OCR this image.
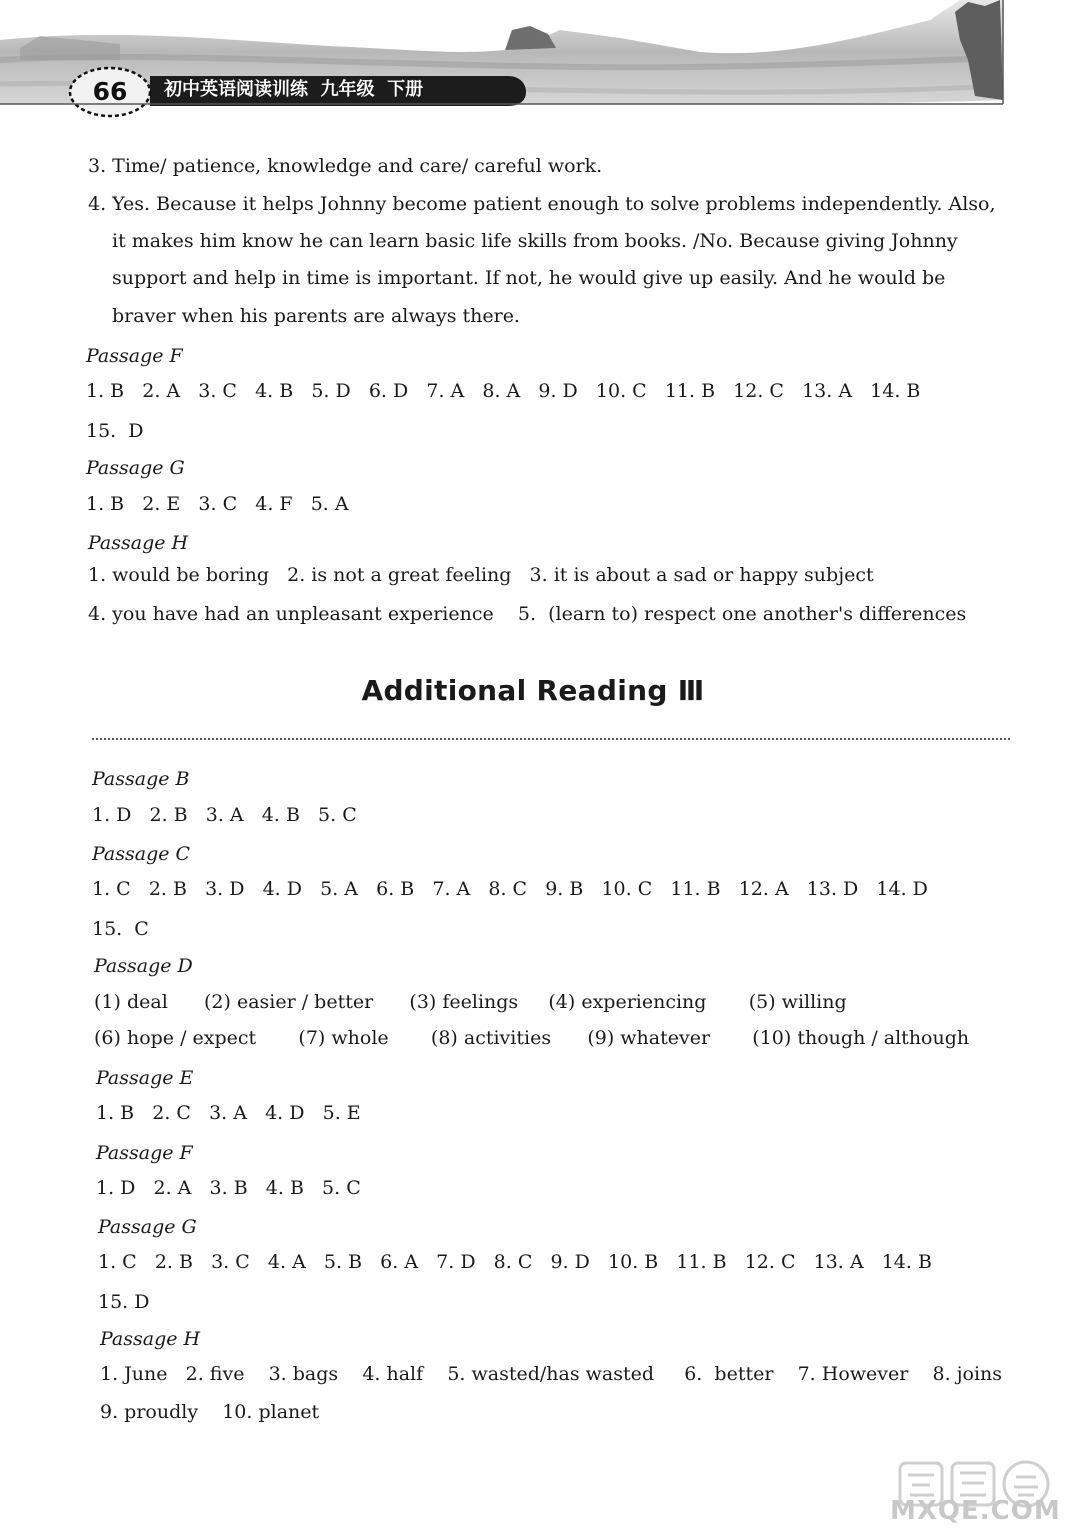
66	初中英语阅读训练  九年级  下册
3. Time/ patience, knowledge and care/ careful work.
4. Yes. Because it helps Johnny become patient enough to solve problems independently. Also,
it makes him know he can learn basic life skills from books. /No. Because giving Johnny
support and help in time is important. If not, he would give up easily. And he would be
braver when his parents are always there.
Passage F
1. B   2. A   3. C   4. B   5. D   6. D   7. A   8. A   9. D   10. C   11. B   12. C   13. A   14. B
15.  D
Passage G
1. B   2. E   3. C   4. F   5. A
Passage H
1. would be boring   2. is not a great feeling   3. it is about a sad or happy subject
4. you have had an unpleasant experience    5.  (learn to) respect one another's differences
Additional Reading Ⅲ
Passage B
1. D   2. B   3. A   4. B   5. C
Passage C
1. C   2. B   3. D   4. D   5. A   6. B   7. A   8. C   9. B   10. C   11. B   12. A   13. D   14. D
15.  C
Passage D
(1) deal      (2) easier / better      (3) feelings     (4) experiencing       (5) willing
(6) hope / expect       (7) whole       (8) activities      (9) whatever       (10) though / although
Passage E
1. B   2. C   3. A   4. D   5. E
Passage F
1. D   2. A   3. B   4. B   5. C
Passage G
1. C   2. B   3. C   4. A   5. B   6. A   7. D   8. C   9. D   10. B   11. B   12. C   13. A   14. B
15. D
Passage H
1. June   2. five    3. bags    4. half    5. wasted/has wasted     6.  better    7. However    8. joins
9. proudly    10. planet
MXQE.COM
